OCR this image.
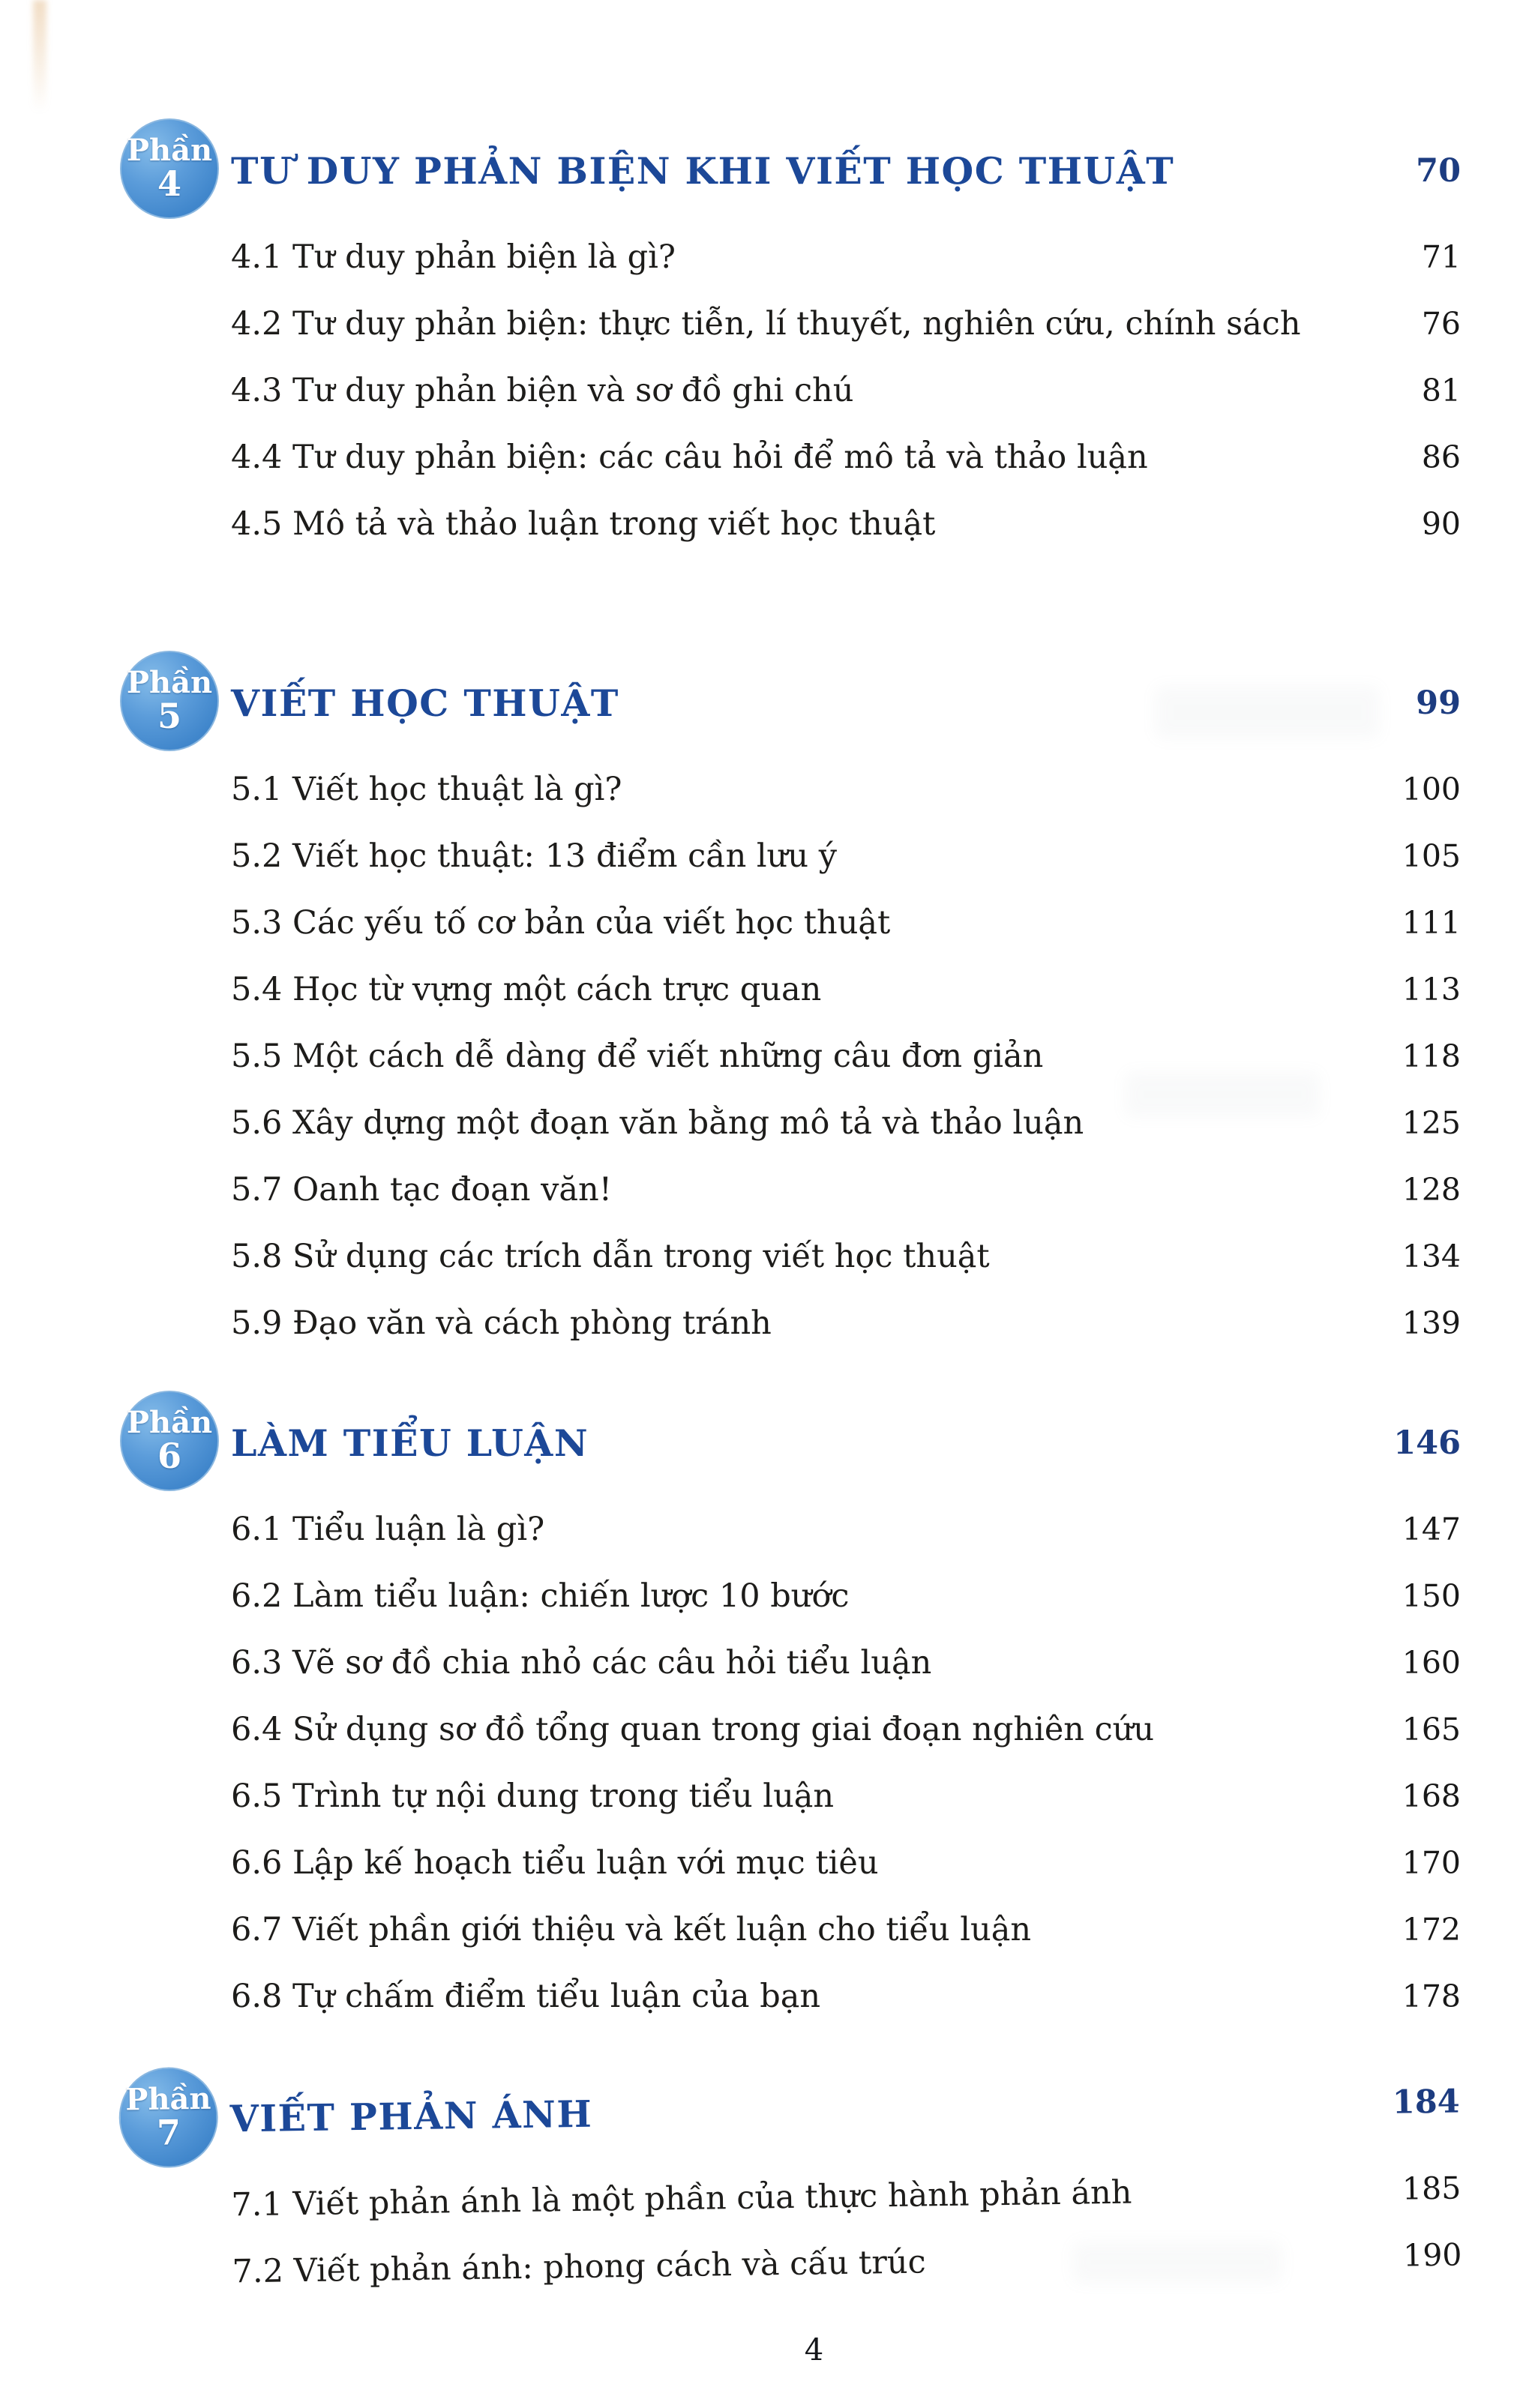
Phần
4 TƯ DUY PHẢN BIỆN KHI VIẾT HỌC THUẬT	70
4.1 Tư duy phản biện là gì?	71
4.2 Tư duy phản biện: thực tiễn, lí thuyết, nghiên cứu, chính sách	76
4.3 Tư duy phản biện và sơ đồ ghi chú	81
4.4 Tư duy phản biện: các câu hỏi để mô tả và thảo luận	86
4.5 Mô tả và thảo luận trong viết học thuật	90
Phần
5 VIẾT HỌC THUẬT	99
5.1 Viết học thuật là gì?	100
5.2 Viết học thuật: 13 điểm cần lưu ý	105
5.3 Các yếu tố cơ bản của viết học thuật	111
5.4 Học từ vựng một cách trực quan	113
5.5 Một cách dễ dàng để viết những câu đơn giản	118
5.6 Xây dựng một đoạn văn bằng mô tả và thảo luận	125
5.7 Oanh tạc đoạn văn!	128
5.8 Sử dụng các trích dẫn trong viết học thuật	134
5.9 Đạo văn và cách phòng tránh	139
Phần
6 LÀM TIỂU LUẬN	146
6.1 Tiểu luận là gì?	147
6.2 Làm tiểu luận: chiến lược 10 bước	150
6.3 Vẽ sơ đồ chia nhỏ các câu hỏi tiểu luận	160
6.4 Sử dụng sơ đồ tổng quan trong giai đoạn nghiên cứu	165
6.5 Trình tự nội dung trong tiểu luận	168
6.6 Lập kế hoạch tiểu luận với mục tiêu	170
6.7 Viết phần giới thiệu và kết luận cho tiểu luận	172
6.8 Tự chấm điểm tiểu luận của bạn	178
Phần
7 VIẾT PHẢN ÁNH	184
7.1 Viết phản ánh là một phần của thực hành phản ánh	185
7.2 Viết phản ánh: phong cách và cấu trúc	190
4
